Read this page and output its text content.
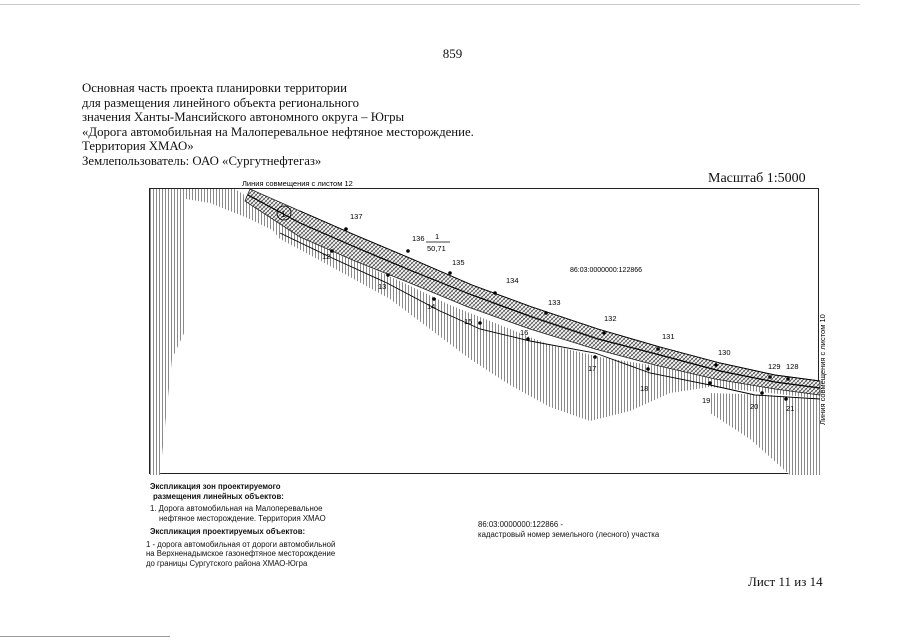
859
Основная часть проекта планировки территории
для размещения линейного объекта регионального
значения Ханты-Мансийского автономного округа – Югры
«Дорога автомобильная на Малоперевальное нефтяное месторождение.
Территория ХМАО»
Землепользователь: ОАО «Сургутнефтегаз»
Масштаб 1:5000
1
Линия совмещения с листом 12
1
50,71
86:03:0000000:122866
Линия совмещения с листом 10
137
136
135
134
133
132
131
130
129 128
12
13
14
15
16
17
18
19
20	21
Экспликация зон проектируемого
размещения линейных объектов:
1. Дорога автомобильная на Малоперевальное
нефтяное месторождение. Территория ХМАО
Экспликация проектируемых объектов:
1 - дорога автомобильная от дороги автомобильной
на Верхненадымское газонефтяное месторождение
до границы Сургутского района ХМАО-Югра
86:03:0000000:122866 -
кадастровый номер земельного (лесного) участка
Лист 11 из 14
